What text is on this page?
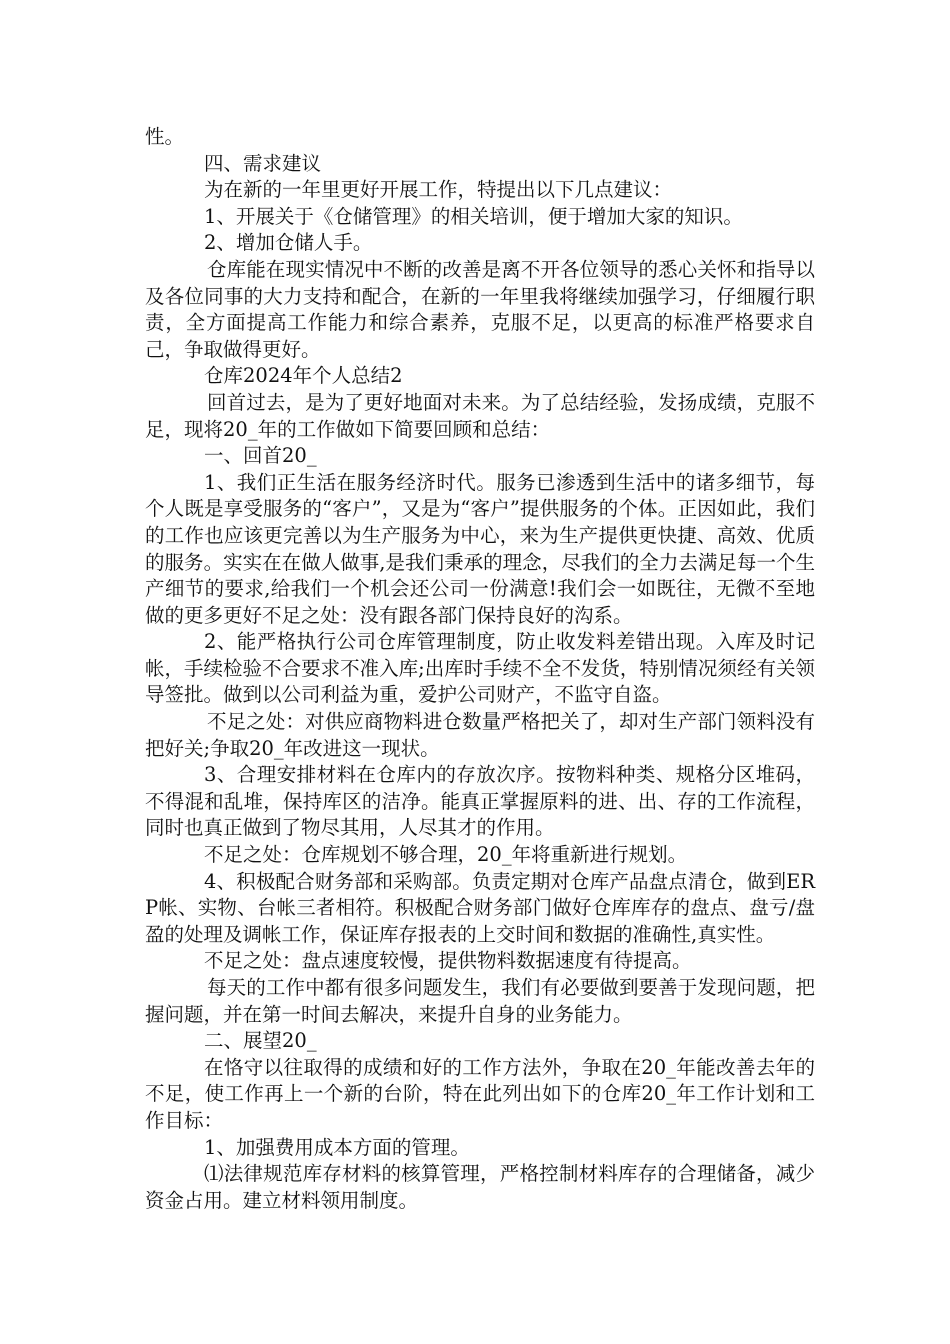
性。

四、需求建议

为在新的一年里更好开展工作，特提出以下几点建议：

1、开展关于《仓储管理》的相关培训，便于增加大家的知识。

2、增加仓储人手。

仓库能在现实情况中不断的改善是离不开各位领导的悉心关怀和指导以及各位同事的大力支持和配合，在新的一年里我将继续加强学习，仔细履行职责，全方面提高工作能力和综合素养，克服不足，以更高的标准严格要求自己，争取做得更好。

仓库2024年个人总结2

回首过去，是为了更好地面对未来。为了总结经验，发扬成绩，克服不足，现将20_年的工作做如下简要回顾和总结：

一、回首20_

1、我们正生活在服务经济时代。服务已渗透到生活中的诸多细节，每个人既是享受服务的“客户”，又是为“客户”提供服务的个体。正因如此，我们的工作也应该更完善以为生产服务为中心，来为生产提供更快捷、高效、优质的服务。实实在在做人做事,是我们秉承的理念，尽我们的全力去满足每一个生产细节的要求,给我们一个机会还公司一份满意!我们会一如既往，无微不至地做的更多更好不足之处：没有跟各部门保持良好的沟系。

2、能严格执行公司仓库管理制度，防止收发料差错出现。入库及时记帐，手续检验不合要求不准入库;出库时手续不全不发货，特别情况须经有关领导签批。做到以公司利益为重，爱护公司财产，不监守自盗。

不足之处：对供应商物料进仓数量严格把关了，却对生产部门领料没有把好关;争取20_年改进这一现状。

3、合理安排材料在仓库内的存放次序。按物料种类、规格分区堆码，不得混和乱堆，保持库区的洁净。能真正掌握原料的进、出、存的工作流程，同时也真正做到了物尽其用，人尽其才的作用。

不足之处：仓库规划不够合理，20_年将重新进行规划。

4、积极配合财务部和采购部。负责定期对仓库产品盘点清仓，做到ERP帐、实物、台帐三者相符。积极配合财务部门做好仓库库存的盘点、盘亏/盘盈的处理及调帐工作，保证库存报表的上交时间和数据的准确性,真实性。

不足之处：盘点速度较慢，提供物料数据速度有待提高。

每天的工作中都有很多问题发生，我们有必要做到要善于发现问题，把握问题，并在第一时间去解决，来提升自身的业务能力。

二、展望20_

在恪守以往取得的成绩和好的工作方法外，争取在20_年能改善去年的不足，使工作再上一个新的台阶，特在此列出如下的仓库20_年工作计划和工作目标：

1、加强费用成本方面的管理。

⑴法律规范库存材料的核算管理，严格控制材料库存的合理储备，减少资金占用。建立材料领用制度。
